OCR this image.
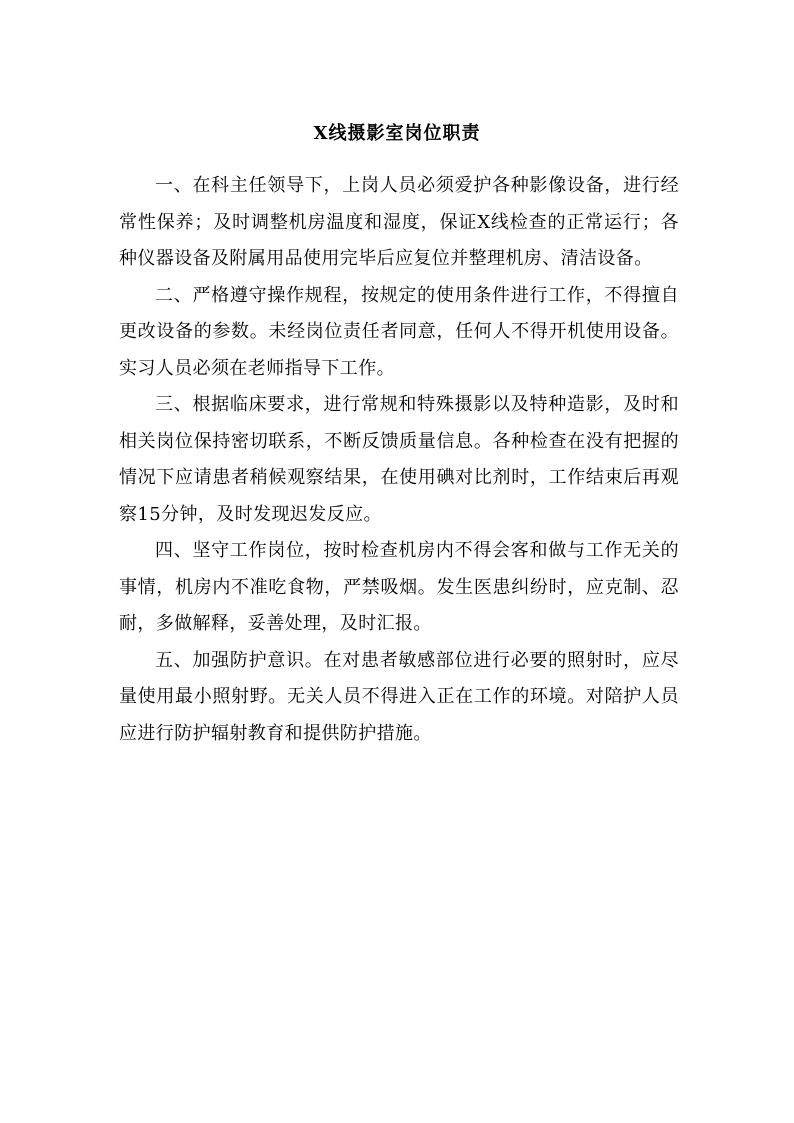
X线摄影室岗位职责

一、在科主任领导下，上岗人员必须爱护各种影像设备，进行经常性保养；及时调整机房温度和湿度，保证X线检查的正常运行；各种仪器设备及附属用品使用完毕后应复位并整理机房、清洁设备。

二、严格遵守操作规程，按规定的使用条件进行工作，不得擅自更改设备的参数。未经岗位责任者同意，任何人不得开机使用设备。实习人员必须在老师指导下工作。

三、根据临床要求，进行常规和特殊摄影以及特种造影，及时和相关岗位保持密切联系，不断反馈质量信息。各种检查在没有把握的情况下应请患者稍候观察结果，在使用碘对比剂时，工作结束后再观察15分钟，及时发现迟发反应。

四、坚守工作岗位，按时检查机房内不得会客和做与工作无关的事情，机房内不准吃食物，严禁吸烟。发生医患纠纷时，应克制、忍耐，多做解释，妥善处理，及时汇报。

五、加强防护意识。在对患者敏感部位进行必要的照射时，应尽量使用最小照射野。无关人员不得进入正在工作的环境。对陪护人员应进行防护辐射教育和提供防护措施。
